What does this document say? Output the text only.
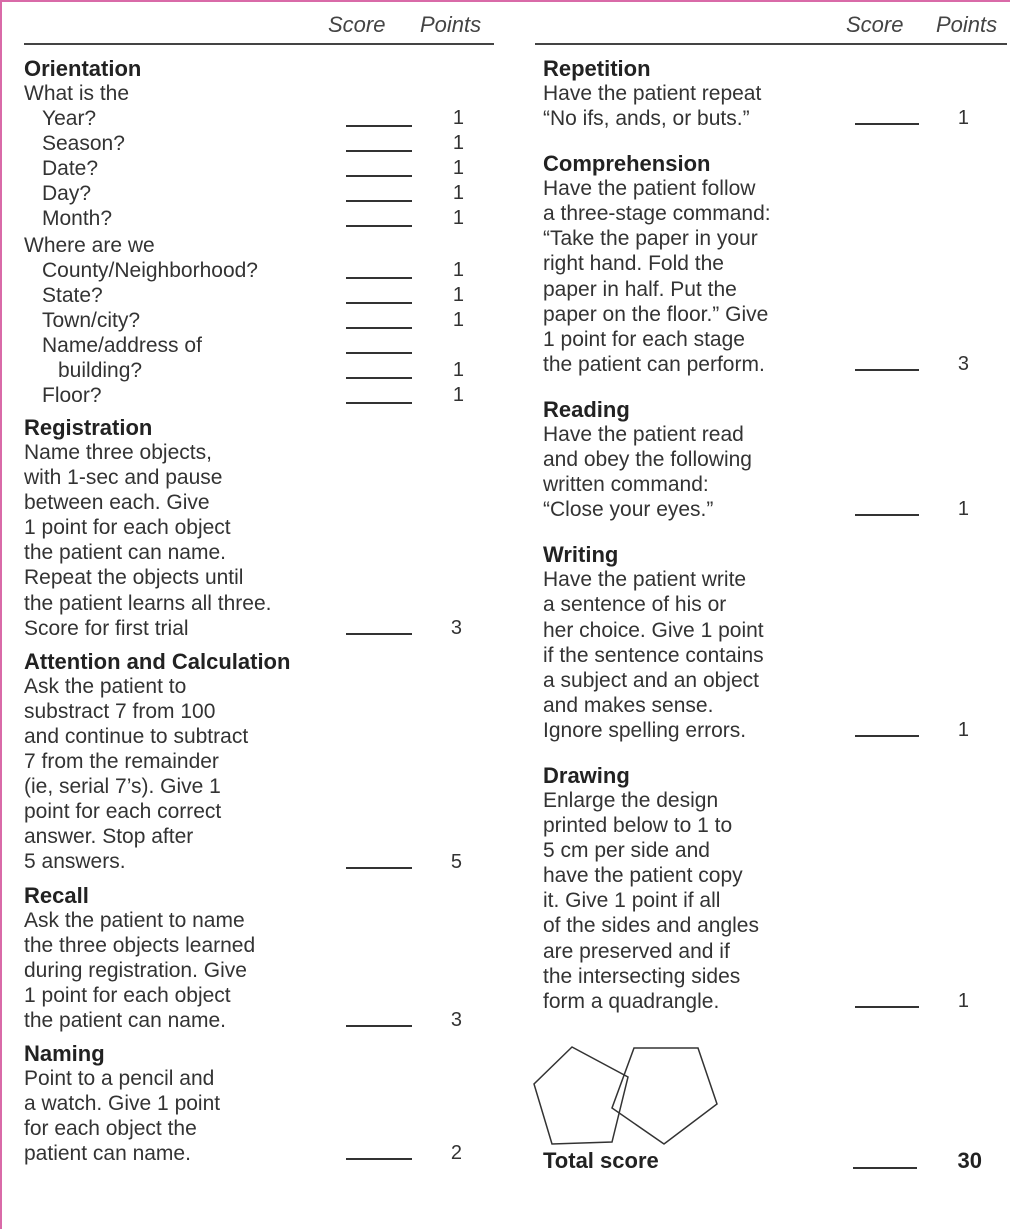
Score Points	Score Points
Orientation
What is the
Year?	1
Season?	1
Date?	1
Day?	1
Month?	1
Where are we
County/Neighborhood?	1
State?	1
Town/city?	1
Name/address of
building?	1
Floor?	1
Registration
Name three objects,
with 1-sec and pause
between each. Give
1 point for each object
the patient can name.
Repeat the objects until
the patient learns all three.
Score for first trial	3
Attention and Calculation
Ask the patient to
substract 7 from 100
and continue to subtract
7 from the remainder
(ie, serial 7’s). Give 1
point for each correct
answer. Stop after
5 answers.	5
Recall
Ask the patient to name
the three objects learned
during registration. Give
1 point for each object
the patient can name.	3
Naming
Point to a pencil and
a watch. Give 1 point
for each object the
patient can name.	2
Repetition
Have the patient repeat
“No ifs, ands, or buts.”	1
Comprehension
Have the patient follow
a three-stage command:
“Take the paper in your
right hand. Fold the
paper in half. Put the
paper on the floor.” Give
1 point for each stage
the patient can perform.	3
Reading
Have the patient read
and obey the following
written command:
“Close your eyes.”	1
Writing
Have the patient write
a sentence of his or
her choice. Give 1 point
if the sentence contains
a subject and an object
and makes sense.
Ignore spelling errors.	1
Drawing
Enlarge the design
printed below to 1 to
5 cm per side and
have the patient copy
it. Give 1 point if all
of the sides and angles
are preserved and if
the intersecting sides
form a quadrangle.	1
Total score	30
